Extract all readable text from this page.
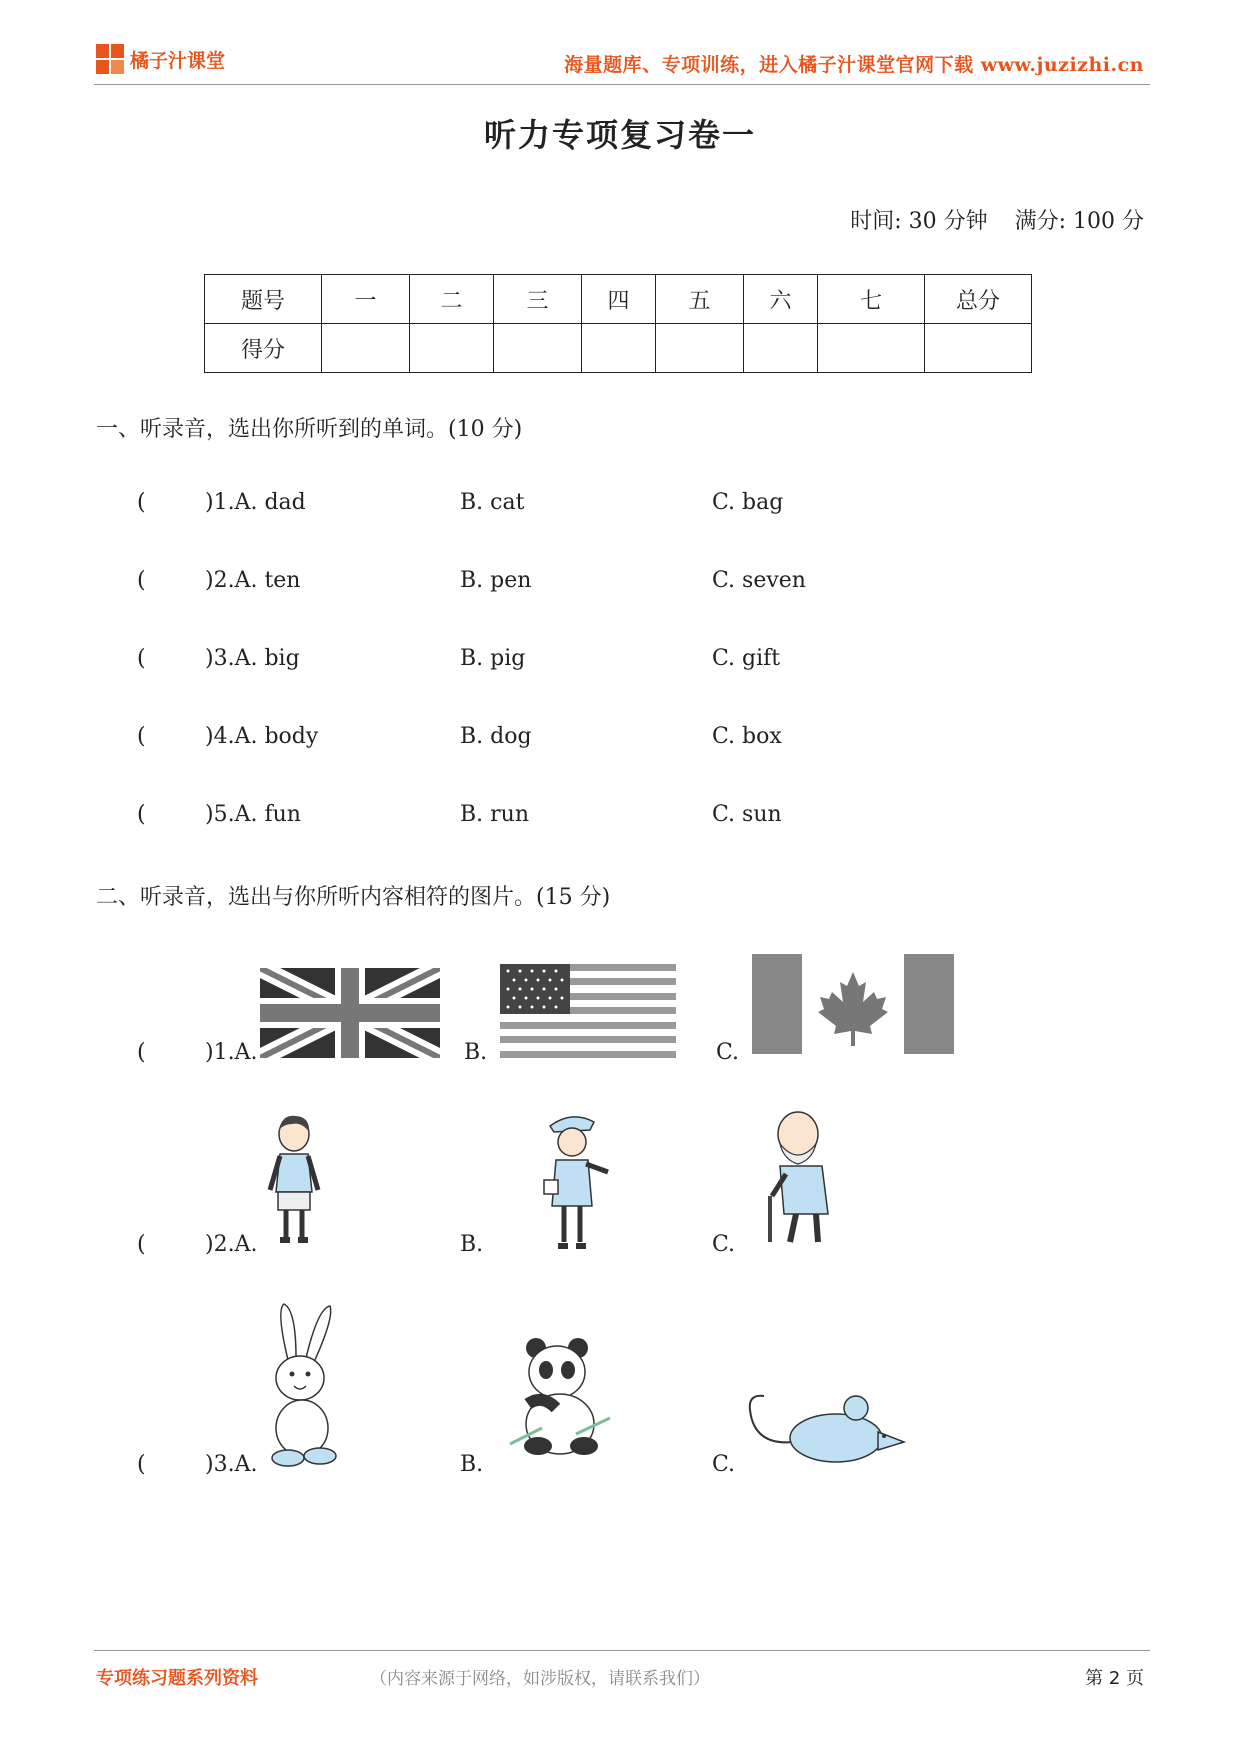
橘子汁课堂	海量题库、专项训练，进入橘子汁课堂官网下载 www.juzizhi.cn
听力专项复习卷一
时间: 30 分钟 满分: 100 分
题号	一	二	三	四	五	六	七	总分
得分								
一、听录音，选出你所听到的单词。(10 分)
(	)1.A. dad	B. cat	C. bag
(	)2.A. ten	B. pen	C. seven
(	)3.A. big	B. pig	C. gift
(	)4.A. body	B. dog	C. box
(	)5.A. fun	B. run	C. sun
二、听录音，选出与你所听内容相符的图片。(15 分)
(	)1.A.	B.	C.
(	)2.A.	B.	C.
(	)3.A.	B.	C.
专项练习题系列资料	（内容来源于网络，如涉版权，请联系我们）	第 2 页
